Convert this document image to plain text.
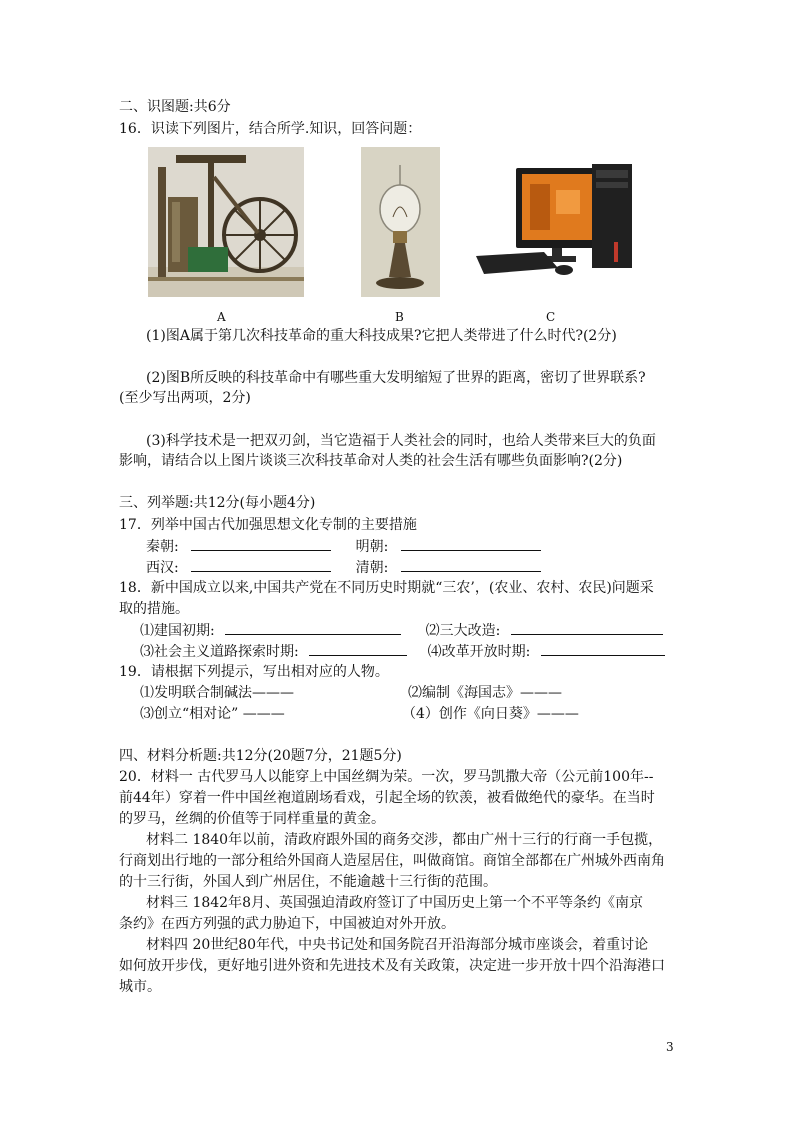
二、识图题:共6分
16．识读下列图片，结合所学.知识，回答问题：
A	B	C
(1)图A属于第几次科技革命的重大科技成果?它把人类带进了什么时代?(2分)
(2)图B所反映的科技革命中有哪些重大发明缩短了世界的距离，密切了世界联系?
(至少写出两项，2分)
(3)科学技术是一把双刃剑，当它造福于人类社会的同时，也给人类带来巨大的负面
影响，请结合以上图片谈谈三次科技革命对人类的社会生活有哪些负面影响?(2分)
三、列举题:共12分(每小题4分)
17．列举中国古代加强思想文化专制的主要措施
秦朝:	明朝:
西汉:	清朝:
18．新中国成立以来,中国共产党在不同历史时期就“三农’，(农业、农村、农民)问题采
取的措施。
⑴建国初期:	⑵三大改造:
⑶社会主义道路探索时期:	⑷改革开放时期:
19．请根据下列提示，写出相对应的人物。
⑴发明联合制碱法———	⑵编制《海国志》———
⑶创立“相对论” ———	（4）创作《向日葵》———
四、材料分析题:共12分(20题7分，21题5分)
20．材料一 古代罗马人以能穿上中国丝绸为荣。一次，罗马凯撒大帝（公元前100年--
前44年）穿着一件中国丝袍道剧场看戏，引起全场的钦羡，被看做绝代的豪华。在当时
的罗马，丝绸的价值等于同样重量的黄金。
材料二 1840年以前，清政府跟外国的商务交涉，都由广州十三行的行商一手包揽，
行商划出行地的一部分租给外国商人造屋居住，叫做商馆。商馆全部都在广州城外西南角
的十三行街，外国人到广州居住，不能逾越十三行街的范围。
材料三 1842年8月、英国强迫清政府签订了中国历史上第一个不平等条约《南京
条约》在西方列强的武力胁迫下，中国被迫对外开放。
材料四 20世纪80年代，中央书记处和国务院召开沿海部分城市座谈会，着重讨论
如何放开步伐，更好地引进外资和先进技术及有关政策，决定进一步开放十四个沿海港口
城市。
3
